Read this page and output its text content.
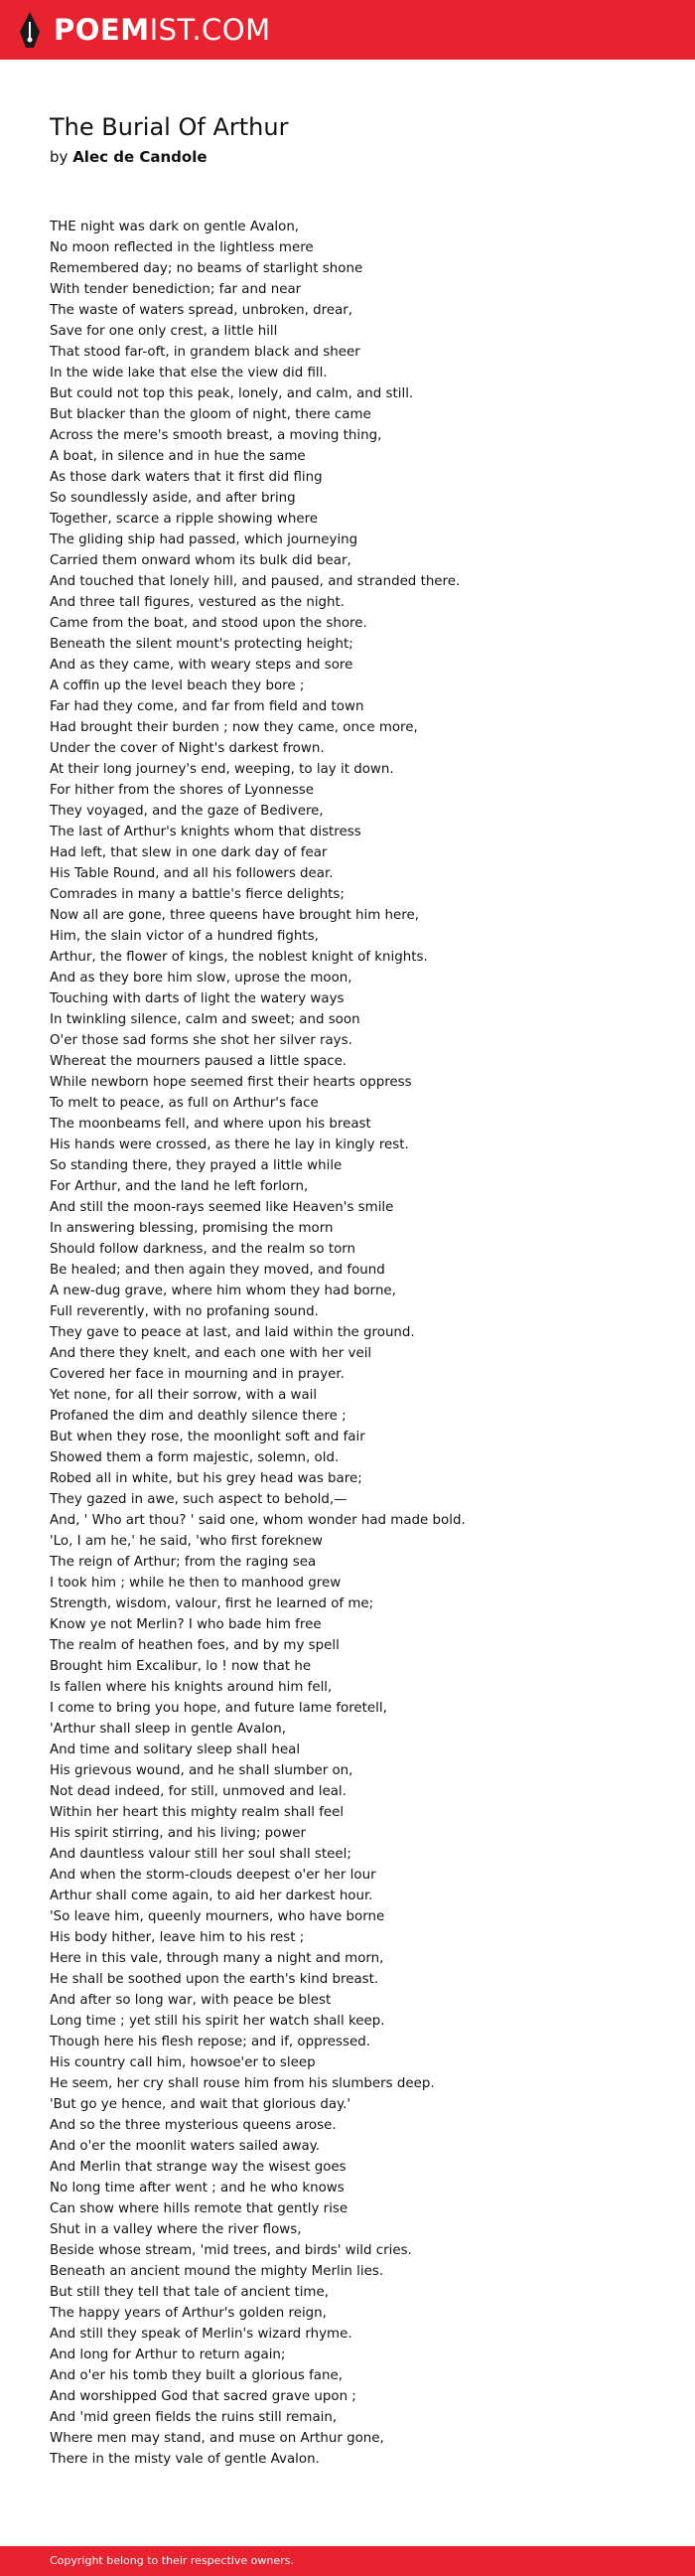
POEMIST.COM
The Burial Of Arthur
by Alec de Candole
THE night was dark on gentle Avalon,
No moon reflected in the lightless mere
Remembered day; no beams of starlight shone
With tender benediction; far and near
The waste of waters spread, unbroken, drear,
Save for one only crest, a little hill
That stood far-oft, in grandem black and sheer
In the wide lake that else the view did fill.
But could not top this peak, lonely, and calm, and still.
But blacker than the gloom of night, there came
Across the mere's smooth breast, a moving thing,
A boat, in silence and in hue the same
As those dark waters that it first did fling
So soundlessly aside, and after bring
Together, scarce a ripple showing where
The gliding ship had passed, which journeying
Carried them onward whom its bulk did bear,
And touched that lonely hill, and paused, and stranded there.
And three tall figures, vestured as the night.
Came from the boat, and stood upon the shore.
Beneath the silent mount's protecting height;
And as they came, with weary steps and sore
A coffin up the level beach they bore ;
Far had they come, and far from field and town
Had brought their burden ; now they came, once more,
Under the cover of Night's darkest frown.
At their long journey's end, weeping, to lay it down.
For hither from the shores of Lyonnesse
They voyaged, and the gaze of Bedivere,
The last of Arthur's knights whom that distress
Had left, that slew in one dark day of fear
His Table Round, and all his followers dear.
Comrades in many a battle's fierce delights;
Now all are gone, three queens have brought him here,
Him, the slain victor of a hundred fights,
Arthur, the flower of kings, the noblest knight of knights.
And as they bore him slow, uprose the moon,
Touching with darts of light the watery ways
In twinkling silence, calm and sweet; and soon
O'er those sad forms she shot her silver rays.
Whereat the mourners paused a little space.
While newborn hope seemed first their hearts oppress
To melt to peace, as full on Arthur's face
The moonbeams fell, and where upon his breast
His hands were crossed, as there he lay in kingly rest.
So standing there, they prayed a little while
For Arthur, and the land he left forlorn,
And still the moon-rays seemed like Heaven's smile
In answering blessing, promising the morn
Should follow darkness, and the realm so torn
Be healed; and then again they moved, and found
A new-dug grave, where him whom they had borne,
Full reverently, with no profaning sound.
They gave to peace at last, and laid within the ground.
And there they knelt, and each one with her veil
Covered her face in mourning and in prayer.
Yet none, for all their sorrow, with a wail
Profaned the dim and deathly silence there ;
But when they rose, the moonlight soft and fair
Showed them a form majestic, solemn, old.
Robed all in white, but his grey head was bare;
They gazed in awe, such aspect to behold,—
And, ' Who art thou? ' said one, whom wonder had made bold.
'Lo, I am he,' he said, 'who first foreknew
The reign of Arthur; from the raging sea
I took him ; while he then to manhood grew
Strength, wisdom, valour, first he learned of me;
Know ye not Merlin? I who bade him free
The realm of heathen foes, and by my spell
Brought him Excalibur, lo ! now that he
Is fallen where his knights around him fell,
I come to bring you hope, and future lame foretell,
'Arthur shall sleep in gentle Avalon,
And time and solitary sleep shall heal
His grievous wound, and he shall slumber on,
Not dead indeed, for still, unmoved and leal.
Within her heart this mighty realm shall feel
His spirit stirring, and his living; power
And dauntless valour still her soul shall steel;
And when the storm-clouds deepest o'er her lour
Arthur shall come again, to aid her darkest hour.
'So leave him, queenly mourners, who have borne
His body hither, leave him to his rest ;
Here in this vale, through many a night and morn,
He shall be soothed upon the earth's kind breast.
And after so long war, with peace be blest
Long time ; yet still his spirit her watch shall keep.
Though here his flesh repose; and if, oppressed.
His country call him, howsoe'er to sleep
He seem, her cry shall rouse him from his slumbers deep.
'But go ye hence, and wait that glorious day.'
And so the three mysterious queens arose.
And o'er the moonlit waters sailed away.
And Merlin that strange way the wisest goes
No long time after went ; and he who knows
Can show where hills remote that gently rise
Shut in a valley where the river flows,
Beside whose stream, 'mid trees, and birds' wild cries.
Beneath an ancient mound the mighty Merlin lies.
But still they tell that tale of ancient time,
The happy years of Arthur's golden reign,
And still they speak of Merlin's wizard rhyme.
And long for Arthur to return again;
And o'er his tomb they built a glorious fane,
And worshipped God that sacred grave upon ;
And 'mid green fields the ruins still remain,
Where men may stand, and muse on Arthur gone,
There in the misty vale of gentle Avalon.
Copyright belong to their respective owners.
